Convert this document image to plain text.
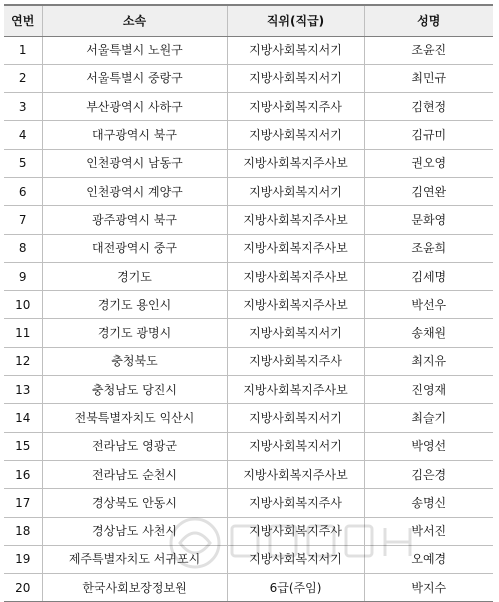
연번	소속	직위(직급)	성명
1	서울특별시 노원구	지방사회복지서기	조윤진
2	서울특별시 중랑구	지방사회복지서기	최민규
3	부산광역시 사하구	지방사회복지주사	김현정
4	대구광역시 북구	지방사회복지서기	김규미
5	인천광역시 남동구	지방사회복지주사보	권오영
6	인천광역시 계양구	지방사회복지서기	김연완
7	광주광역시 북구	지방사회복지주사보	문화영
8	대전광역시 중구	지방사회복지주사보	조윤희
9	경기도	지방사회복지주사보	김세명
10	경기도 용인시	지방사회복지주사보	박선우
11	경기도 광명시	지방사회복지서기	송채원
12	충청북도	지방사회복지주사	최지유
13	충청남도 당진시	지방사회복지주사보	진영재
14	전북특별자치도 익산시	지방사회복지서기	최슬기
15	전라남도 영광군	지방사회복지서기	박영선
16	전라남도 순천시	지방사회복지주사보	김은경
17	경상북도 안동시	지방사회복지주사	송명신
18	경상남도 사천시	지방사회복지주사	박서진
19	제주특별자치도 서귀포시	지방사회복지서기	오예경
20	한국사회보장정보원	6급(주임)	박지수
